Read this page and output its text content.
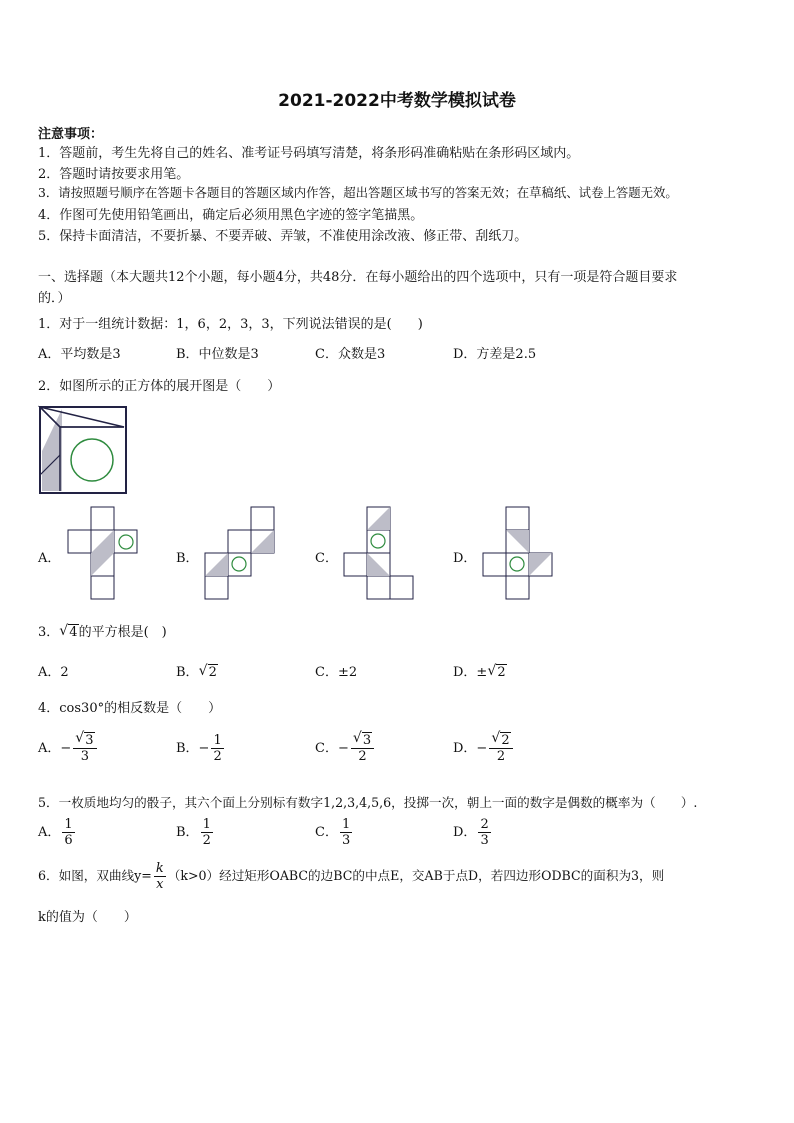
2021-2022中考数学模拟试卷
注意事项：
1．答题前，考生先将自己的姓名、准考证号码填写清楚，将条形码准确粘贴在条形码区域内。
2．答题时请按要求用笔。
3．请按照题号顺序在答题卡各题目的答题区域内作答，超出答题区域书写的答案无效；在草稿纸、试卷上答题无效。
4．作图可先使用铅笔画出，确定后必须用黑色字迹的签字笔描黑。
5．保持卡面清洁，不要折暴、不要弄破、弄皱，不准使用涂改液、修正带、刮纸刀。
一、选择题（本大题共12个小题，每小题4分，共48分．在每小题给出的四个选项中，只有一项是符合题目要求
的．）
1．对于一组统计数据：1，6，2，3，3，下列说法错误的是(　　)
A．平均数是3	B．中位数是3	C．众数是3	D．方差是2.5
2．如图所示的正方体的展开图是（　　）
A．	B．	C．	D．
3． √ 4的平方根是(　)
A．2	B． √ 2	C．±2	D．± √ 2
4．cos30°的相反数是（　　）
A．− √ $\frac{3}{3}$	B．− $\frac{1}{2}$	C．− √ $\frac{3}{2}$	D．− √ $\frac{2}{2}$
5．一枚质地均匀的骰子，其六个面上分别标有数字1,2,3,4,5,6，投掷一次，朝上一面的数字是偶数的概率为（　　）.
A． $\frac{1}{6}$	B． $\frac{1}{2}$	C． $\frac{1}{3}$	D． $\frac{2}{3}$
6．如图，双曲线$y= \frac{k}{x} (k>0)$经过矩形OABC的边BC的中点E，交AB于点D，若四边形ODBC的面积为3，则
k的值为（　　）
